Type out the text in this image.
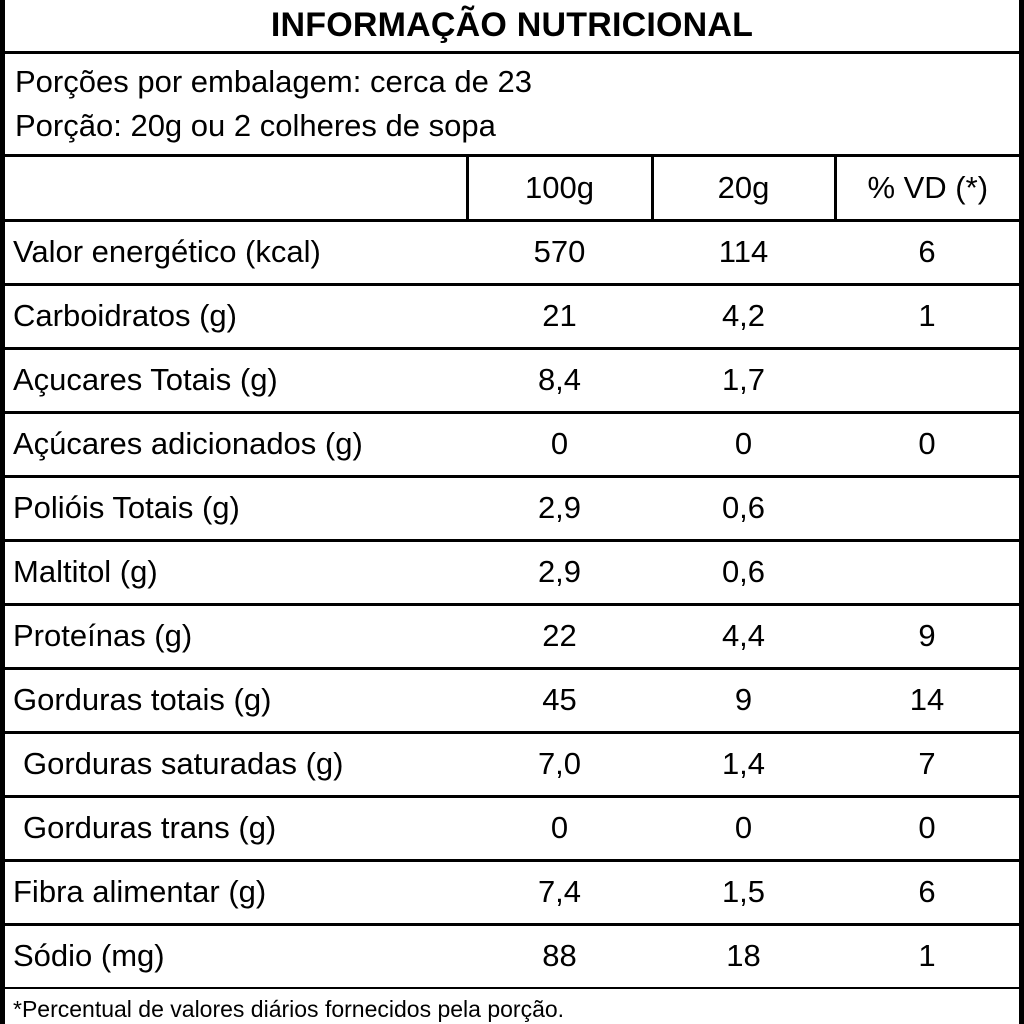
INFORMAÇÃO NUTRICIONAL
Porções por embalagem: cerca de 23
Porção: 20g ou 2 colheres de sopa
	100g	20g	% VD (*)
Valor energético (kcal)	570	114	6
Carboidratos (g)	21	4,2	1
Açucares Totais (g)	8,4	1,7	
Açúcares adicionados (g)	0	0	0
Polióis Totais (g)	2,9	0,6	
Maltitol (g)	2,9	0,6	
Proteínas (g)	22	4,4	9
Gorduras totais (g)	45	9	14
Gorduras saturadas (g)	7,0	1,4	7
Gorduras trans (g)	0	0	0
Fibra alimentar (g)	7,4	1,5	6
Sódio (mg)	88	18	1
*Percentual de valores diários fornecidos pela porção.
